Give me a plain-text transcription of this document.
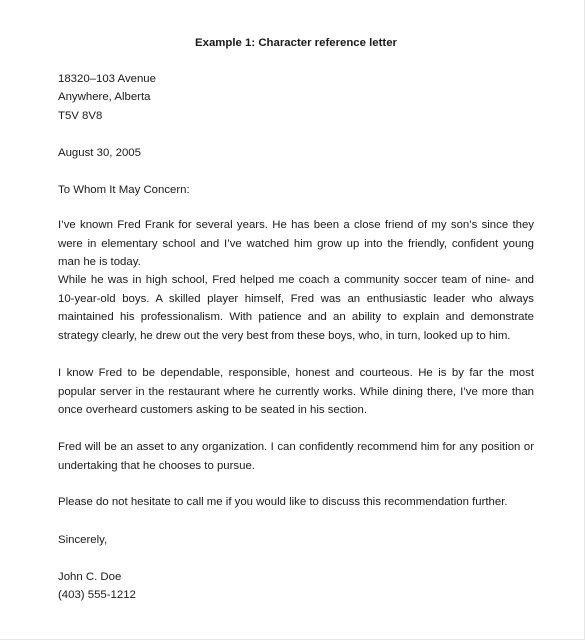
Example 1: Character reference letter
18320–103 Avenue
Anywhere, Alberta
T5V 8V8
August 30, 2005
To Whom It May Concern:
I’ve known Fred Frank for several years. He has been a close friend of my son’s since they were in elementary school and I’ve watched him grow up into the friendly, confident young man he is today.
While he was in high school, Fred helped me coach a community soccer team of nine- and 10-year-old boys. A skilled player himself, Fred was an enthusiastic leader who always maintained his professionalism. With patience and an ability to explain and demonstrate strategy clearly, he drew out the very best from these boys, who, in turn, looked up to him.
I know Fred to be dependable, responsible, honest and courteous. He is by far the most popular server in the restaurant where he currently works. While dining there, I’ve more than once overheard customers asking to be seated in his section.
Fred will be an asset to any organization. I can confidently recommend him for any position or undertaking that he chooses to pursue.
Please do not hesitate to call me if you would like to discuss this recommendation further.
Sincerely,
John C. Doe
(403) 555-1212
